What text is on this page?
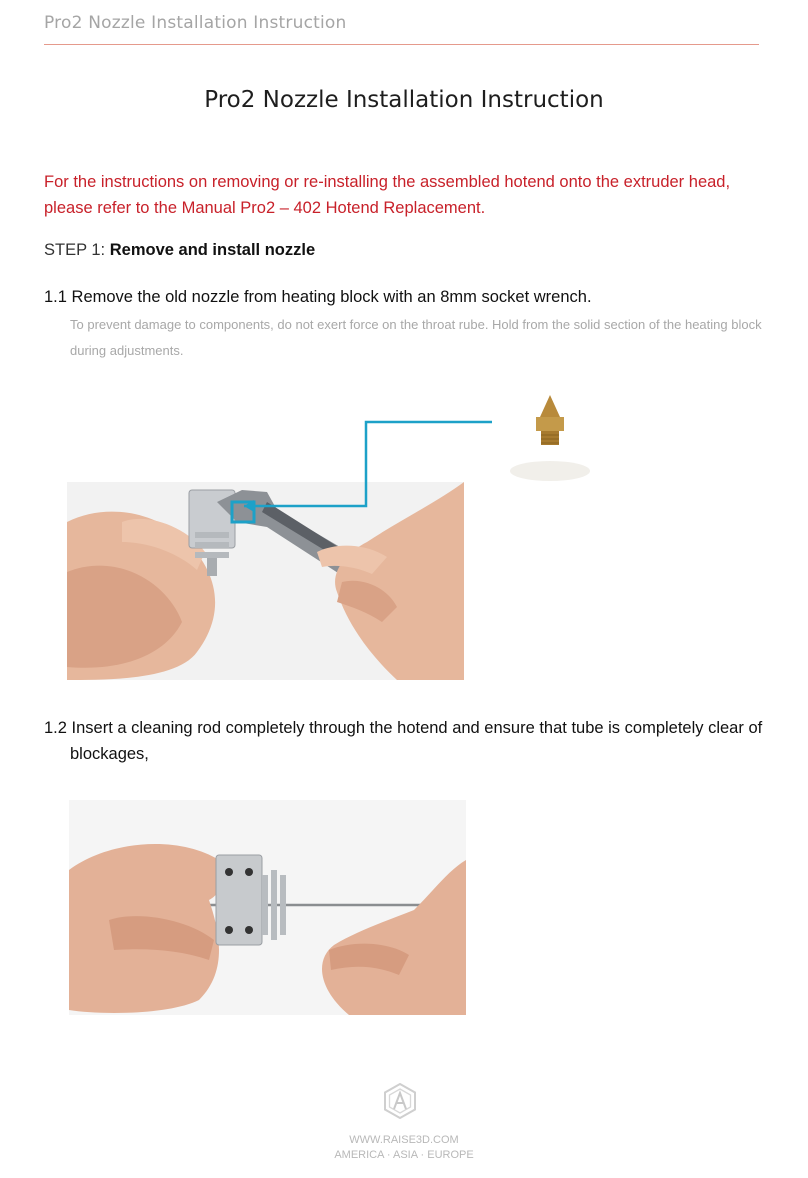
Pro2 Nozzle Installation Instruction
Pro2 Nozzle Installation Instruction
For the instructions on removing or re-installing the assembled hotend onto the extruder head, please refer to the Manual Pro2 – 402 Hotend Replacement.
STEP 1: Remove and install nozzle
1.1 Remove the old nozzle from heating block with an 8mm socket wrench.
To prevent damage to components, do not exert force on the throat rube. Hold from the solid section of the heating block during adjustments.
1.2 Insert a cleaning rod completely through the hotend and ensure that tube is completely clear of
blockages,
WWW.RAISE3D.COM
AMERICA · ASIA · EUROPE
